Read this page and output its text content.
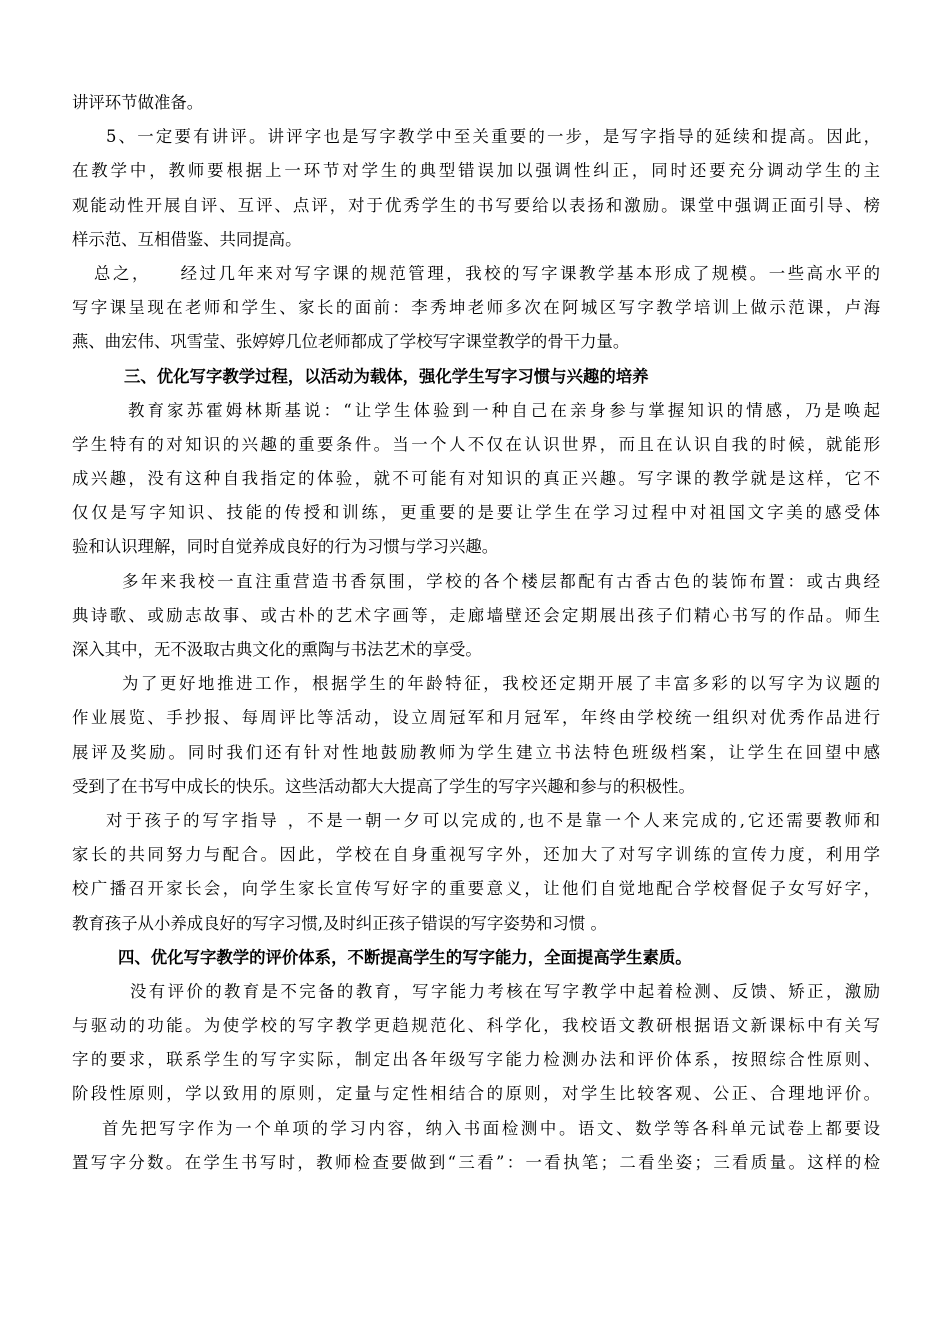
讲评环节做准备。
5、一定要有讲评。讲评字也是写字教学中至关重要的一步，是写字指导的延续和提高。因此，
在教学中，教师要根据上一环节对学生的典型错误加以强调性纠正，同时还要充分调动学生的主
观能动性开展自评、互评、点评，对于优秀学生的书写要给以表扬和激励。课堂中强调正面引导、榜
样示范、互相借鉴、共同提高。
总之，　　经过几年来对写字课的规范管理，我校的写字课教学基本形成了规模。一些高水平的
写字课呈现在老师和学生、家长的面前：李秀坤老师多次在阿城区写字教学培训上做示范课，卢海
燕、曲宏伟、巩雪莹、张婷婷几位老师都成了学校写字课堂教学的骨干力量。
三、优化写字教学过程，以活动为载体，强化学生写字习惯与兴趣的培养
教育家苏霍姆林斯基说：“让学生体验到一种自己在亲身参与掌握知识的情感，乃是唤起
学生特有的对知识的兴趣的重要条件。当一个人不仅在认识世界，而且在认识自我的时候，就能形
成兴趣，没有这种自我指定的体验，就不可能有对知识的真正兴趣。写字课的教学就是这样，它不
仅仅是写字知识、技能的传授和训练，更重要的是要让学生在学习过程中对祖国文字美的感受体
验和认识理解，同时自觉养成良好的行为习惯与学习兴趣。
多年来我校一直注重营造书香氛围，学校的各个楼层都配有古香古色的装饰布置：或古典经
典诗歌、或励志故事、或古朴的艺术字画等，走廊墙壁还会定期展出孩子们精心书写的作品。师生
深入其中，无不汲取古典文化的熏陶与书法艺术的享受。
为了更好地推进工作，根据学生的年龄特征，我校还定期开展了丰富多彩的以写字为议题的
作业展览、手抄报、每周评比等活动，设立周冠军和月冠军，年终由学校统一组织对优秀作品进行
展评及奖励。同时我们还有针对性地鼓励教师为学生建立书法特色班级档案，让学生在回望中感
受到了在书写中成长的快乐。这些活动都大大提高了学生的写字兴趣和参与的积极性。
对于孩子的写字指导 ，不是一朝一夕可以完成的,也不是靠一个人来完成的,它还需要教师和
家长的共同努力与配合。因此，学校在自身重视写字外，还加大了对写字训练的宣传力度，利用学
校广播召开家长会，向学生家长宣传写好字的重要意义，让他们自觉地配合学校督促子女写好字，
教育孩子从小养成良好的写字习惯,及时纠正孩子错误的写字姿势和习惯 。
四、优化写字教学的评价体系，不断提高学生的写字能力，全面提高学生素质。
没有评价的教育是不完备的教育，写字能力考核在写字教学中起着检测、反馈、矫正，激励
与驱动的功能。为使学校的写字教学更趋规范化、科学化，我校语文教研根据语文新课标中有关写
字的要求，联系学生的写字实际，制定出各年级写字能力检测办法和评价体系，按照综合性原则、
阶段性原则，学以致用的原则，定量与定性相结合的原则，对学生比较客观、公正、合理地评价。
首先把写字作为一个单项的学习内容，纳入书面检测中。语文、数学等各科单元试卷上都要设
置写字分数。在学生书写时，教师检查要做到“三看”：一看执笔；二看坐姿；三看质量。这样的检
